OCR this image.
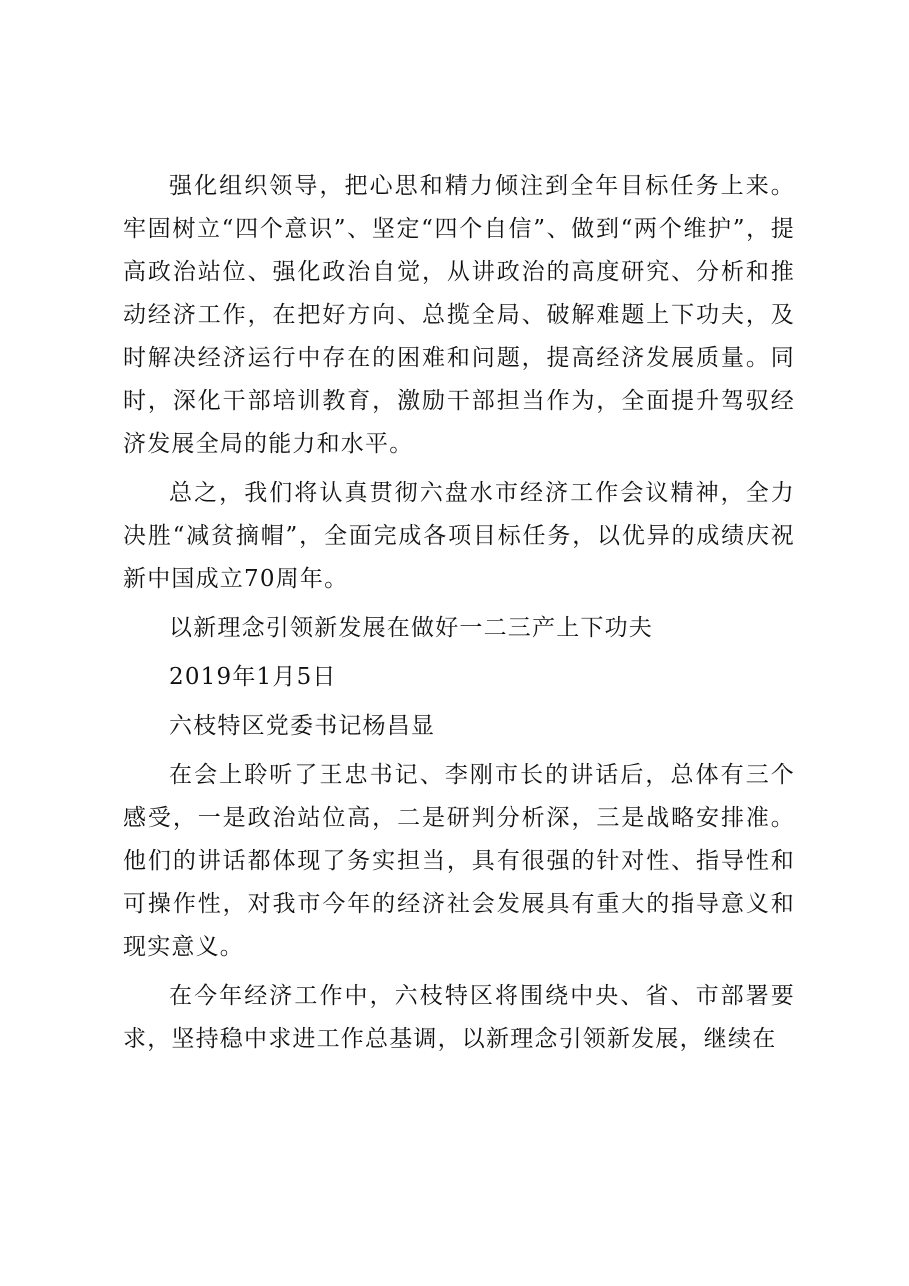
强化组织领导，把心思和精力倾注到全年目标任务上来。牢固树立“四个意识”、坚定“四个自信”、做到“两个维护”，提高政治站位、强化政治自觉，从讲政治的高度研究、分析和推动经济工作，在把好方向、总揽全局、破解难题上下功夫，及时解决经济运行中存在的困难和问题，提高经济发展质量。同时，深化干部培训教育，激励干部担当作为，全面提升驾驭经济发展全局的能力和水平。

总之，我们将认真贯彻六盘水市经济工作会议精神，全力决胜“减贫摘帽”，全面完成各项目标任务，以优异的成绩庆祝新中国成立70周年。

以新理念引领新发展在做好一二三产上下功夫

2019年1月5日

六枝特区党委书记杨昌显

在会上聆听了王忠书记、李刚市长的讲话后，总体有三个感受，一是政治站位高，二是研判分析深，三是战略安排准。他们的讲话都体现了务实担当，具有很强的针对性、指导性和可操作性，对我市今年的经济社会发展具有重大的指导意义和现实意义。

在今年经济工作中，六枝特区将围绕中央、省、市部署要求，坚持稳中求进工作总基调，以新理念引领新发展，继续在
